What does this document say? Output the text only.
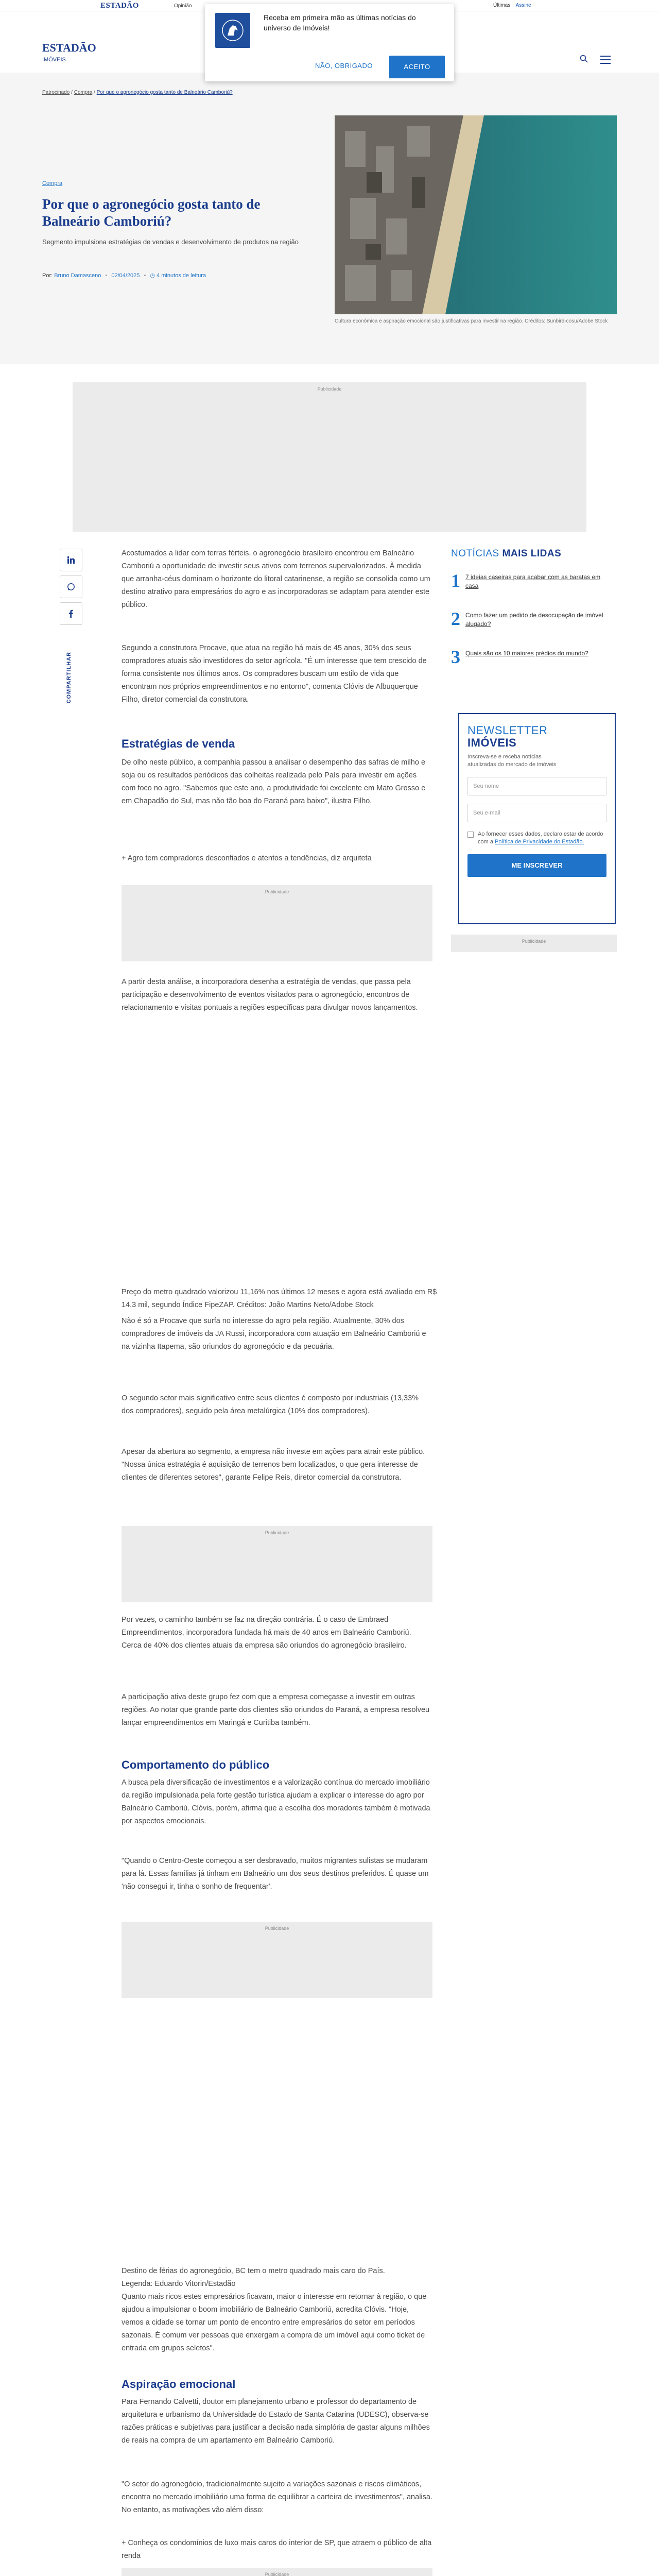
ESTADÃO	Opinião	Últimas Assine
Receba em primeira mão as últimas notícias do universo de Imóveis!
NÃO, OBRIGADO	ACEITO
ESTADÃO
IMÓVEIS
Patrocinado / Compra / Por que o agronegócio gosta tanto de Balneário Camboriú?
Compra
Por que o agronegócio gosta tanto de Balneário Camboriú?

Segmento impulsiona estratégias de vendas e desenvolvimento de produtos na região

Por: Bruno Damasceno • 02/04/2025 • ◷ 4 minutos de leitura

Cultura econômica e aspiração emocional são justificativas para investir na região. Créditos: Sunbird-cosu/Adobe Stock

Publicidade
COMPARTILHAR

Acostumados a lidar com terras férteis, o agronegócio brasileiro encontrou em Balneário Camboriú a oportunidade de investir seus ativos com terrenos supervalorizados. À medida que arranha-céus dominam o horizonte do litoral catarinense, a região se consolida como um destino atrativo para empresários do agro e as incorporadoras se adaptam para atender este público.

Segundo a construtora Procave, que atua na região há mais de 45 anos, 30% dos seus compradores atuais são investidores do setor agrícola. "É um interesse que tem crescido de forma consistente nos últimos anos. Os compradores buscam um estilo de vida que encontram nos próprios empreendimentos e no entorno", comenta Clóvis de Albuquerque Filho, diretor comercial da construtora.

Estratégias de venda

De olho neste público, a companhia passou a analisar o desempenho das safras de milho e soja ou os resultados periódicos das colheitas realizada pelo País para investir em ações com foco no agro. "Sabemos que este ano, a produtividade foi excelente em Mato Grosso e em Chapadão do Sul, mas não tão boa do Paraná para baixo", ilustra Filho.

+ Agro tem compradores desconfiados e atentos a tendências, diz arquiteta
Publicidade

A partir desta análise, a incorporadora desenha a estratégia de vendas, que passa pela participação e desenvolvimento de eventos visitados para o agronegócio, encontros de relacionamento e visitas pontuais a regiões específicas para divulgar novos lançamentos.

Preço do metro quadrado valorizou 11,16% nos últimos 12 meses e agora está avaliado em R$ 14,3 mil, segundo Índice FipeZAP. Créditos: João Martins Neto/Adobe Stock

Não é só a Procave que surfa no interesse do agro pela região. Atualmente, 30% dos compradores de imóveis da JA Russi, incorporadora com atuação em Balneário Camboriú e na vizinha Itapema, são oriundos do agronegócio e da pecuária.

O segundo setor mais significativo entre seus clientes é composto por industriais (13,33% dos compradores), seguido pela área metalúrgica (10% dos compradores).

Apesar da abertura ao segmento, a empresa não investe em ações para atrair este público. "Nossa única estratégia é aquisição de terrenos bem localizados, o que gera interesse de clientes de diferentes setores", garante Felipe Reis, diretor comercial da construtora.

Publicidade

Por vezes, o caminho também se faz na direção contrária. É o caso de Embraed Empreendimentos, incorporadora fundada há mais de 40 anos em Balneário Camboriú. Cerca de 40% dos clientes atuais da empresa são oriundos do agronegócio brasileiro.

A participação ativa deste grupo fez com que a empresa começasse a investir em outras regiões. Ao notar que grande parte dos clientes são oriundos do Paraná, a empresa resolveu lançar empreendimentos em Maringá e Curitiba também.

Comportamento do público

A busca pela diversificação de investimentos e a valorização contínua do mercado imobiliário da região impulsionada pela forte gestão turística ajudam a explicar o interesse do agro por Balneário Camboriú. Clóvis, porém, afirma que a escolha dos moradores também é motivada por aspectos emocionais.

"Quando o Centro-Oeste começou a ser desbravado, muitos migrantes sulistas se mudaram para lá. Essas famílias já tinham em Balneário um dos seus destinos preferidos. É quase um 'não consegui ir, tinha o sonho de frequentar'.

Publicidade

Destino de férias do agronegócio, BC tem o metro quadrado mais caro do País. Legenda: Eduardo Vitorin/Estadão

Quanto mais ricos estes empresários ficavam, maior o interesse em retornar à região, o que ajudou a impulsionar o boom imobiliário de Balneário Camboriú, acredita Clóvis. "Hoje, vemos a cidade se tornar um ponto de encontro entre empresários do setor em períodos sazonais. É comum ver pessoas que enxergam a compra de um imóvel aqui como ticket de entrada em grupos seletos".

Aspiração emocional

Para Fernando Calvetti, doutor em planejamento urbano e professor do departamento de arquitetura e urbanismo da Universidade do Estado de Santa Catarina (UDESC), observa-se razões práticas e subjetivas para justificar a decisão nada simplória de gastar alguns milhões de reais na compra de um apartamento em Balneário Camboriú.

"O setor do agronegócio, tradicionalmente sujeito a variações sazonais e riscos climáticos, encontra no mercado imobiliário uma forma de equilibrar a carteira de investimentos", analisa. No entanto, as motivações vão além disso:

+ Conheça os condomínios de luxo mais caros do interior de SP, que atraem o público de alta renda
Publicidade

NOTÍCIAS MAIS LIDAS
1 7 ideias caseiras para acabar com as baratas em casa
2 Como fazer um pedido de desocupação de imóvel alugado?
3 Quais são os 10 maiores prédios do mundo?
NEWSLETTER
IMÓVEIS

Inscreva-se e receba notícias atualizadas do mercado de imóveis

Seu nome
Seu e-mail
Ao fornecer esses dados, declaro estar de acordo com a Política de Privacidade do Estadão.
ME INSCREVER
Publicidade
